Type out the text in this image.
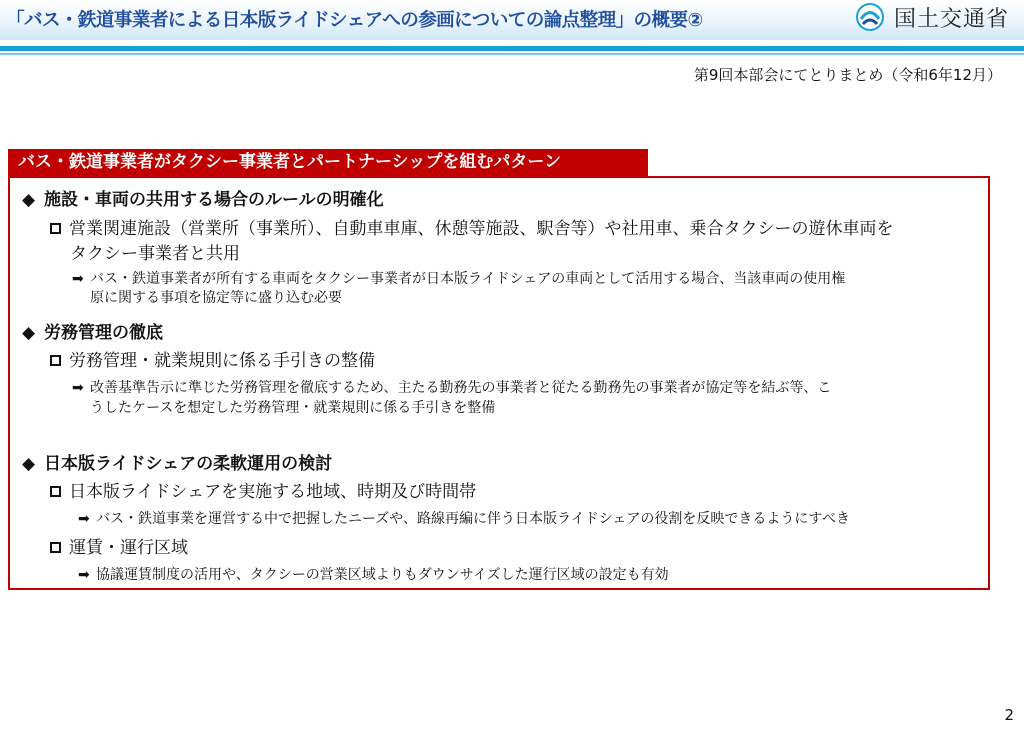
「バス・鉄道事業者による日本版ライドシェアへの参画についての論点整理」の概要②	国土交通省
第9回本部会にてとりまとめ（令和6年12月）
バス・鉄道事業者がタクシー事業者とパートナーシップを組むパターン
◆ 施設・車両の共用する場合のルールの明確化
営業関連施設（営業所（事業所）、自動車車庫、休憩等施設、駅舎等）や社用車、乗合タクシーの遊休車両を
タクシー事業者と共用
➡ バス・鉄道事業者が所有する車両をタクシー事業者が日本版ライドシェアの車両として活用する場合、当該車両の使用権
原に関する事項を協定等に盛り込む必要
◆ 労務管理の徹底
労務管理・就業規則に係る手引きの整備
➡ 改善基準告示に準じた労務管理を徹底するため、主たる勤務先の事業者と従たる勤務先の事業者が協定等を結ぶ等、こ
うしたケースを想定した労務管理・就業規則に係る手引きを整備
◆ 日本版ライドシェアの柔軟運用の検討
日本版ライドシェアを実施する地域、時期及び時間帯
➡ バス・鉄道事業を運営する中で把握したニーズや、路線再編に伴う日本版ライドシェアの役割を反映できるようにすべき
運賃・運行区域
➡ 協議運賃制度の活用や、タクシーの営業区域よりもダウンサイズした運行区域の設定も有効
2
